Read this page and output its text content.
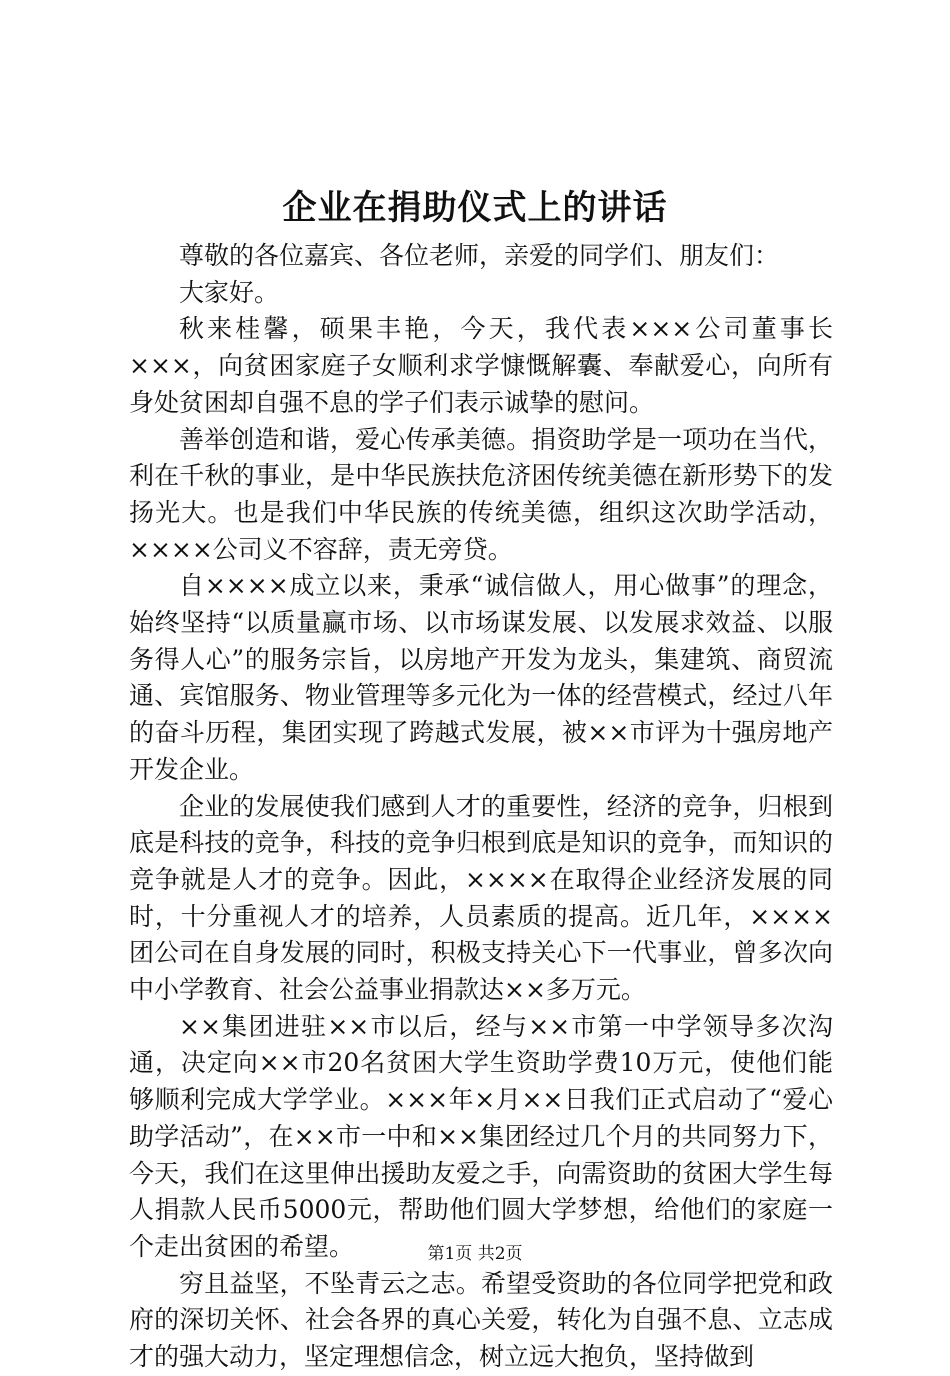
企业在捐助仪式上的讲话

尊敬的各位嘉宾、各位老师，亲爱的同学们、朋友们：

大家好。

秋来桂馨，硕果丰艳，今天，我代表×××公司董事长×××，向贫困家庭子女顺利求学慷慨解囊、奉献爱心，向所有身处贫困却自强不息的学子们表示诚挚的慰问。

善举创造和谐，爱心传承美德。捐资助学是一项功在当代，利在千秋的事业，是中华民族扶危济困传统美德在新形势下的发扬光大。也是我们中华民族的传统美德，组织这次助学活动，××××公司义不容辞，责无旁贷。

自××××成立以来，秉承“诚信做人，用心做事”的理念，始终坚持“以质量赢市场、以市场谋发展、以发展求效益、以服务得人心”的服务宗旨，以房地产开发为龙头，集建筑、商贸流通、宾馆服务、物业管理等多元化为一体的经营模式，经过八年的奋斗历程，集团实现了跨越式发展，被××市评为十强房地产开发企业。

企业的发展使我们感到人才的重要性，经济的竞争，归根到底是科技的竞争，科技的竞争归根到底是知识的竞争，而知识的竞争就是人才的竞争。因此，××××在取得企业经济发展的同时，十分重视人才的培养，人员素质的提高。近几年，××××团公司在自身发展的同时，积极支持关心下一代事业，曾多次向中小学教育、社会公益事业捐款达××多万元。

××集团进驻××市以后，经与××市第一中学领导多次沟通，决定向××市20名贫困大学生资助学费10万元，使他们能够顺利完成大学学业。×××年×月××日我们正式启动了“爱心助学活动”，在××市一中和××集团经过几个月的共同努力下，今天，我们在这里伸出援助友爱之手，向需资助的贫困大学生每人捐款人民币5000元，帮助他们圆大学梦想，给他们的家庭一个走出贫困的希望。

穷且益坚，不坠青云之志。希望受资助的各位同学把党和政府的深切关怀、社会各界的真心关爱，转化为自强不息、立志成才的强大动力，坚定理想信念，树立远大抱负，坚持做到

第1页 共2页
